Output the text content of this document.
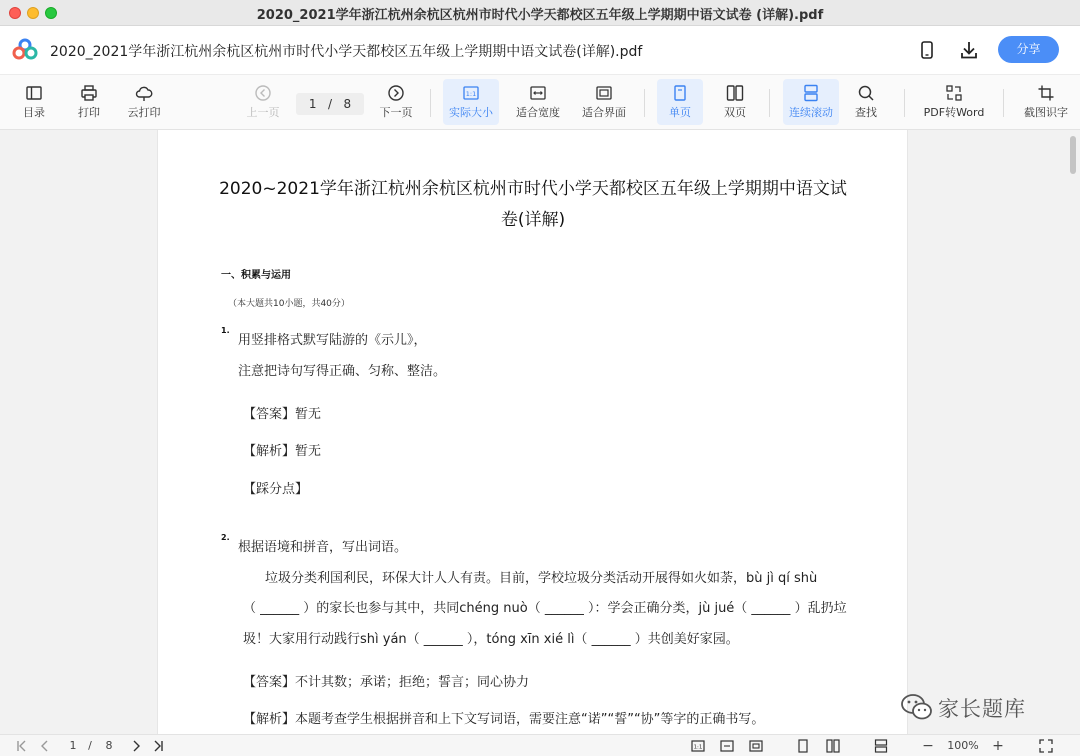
2020_2021学年浙江杭州余杭区杭州市时代小学天都校区五年级上学期期中语文试卷 (详解).pdf
2020_2021学年浙江杭州余杭区杭州市时代小学天都校区五年级上学期期中语文试卷(详解).pdf	分享
目录	打印	云打印	上一页
1 / 8
下一页
1:1
实际大小	适合宽度	适合界面	单页	双页	连续滚动	查找	PDF转Word	截图识字
2020~2021学年浙江杭州余杭区杭州市时代小学天都校区五年级上学期期中语文试卷(详解)
一、积累与运用
（本大题共10小题，共40分）
1.
用竖排格式默写陆游的《示儿》，
注意把诗句写得正确、匀称、整洁。
【答案】暂无
【解析】暂无
【踩分点】
2.
根据语境和拼音，写出词语。
垃圾分类利国利民，环保大计人人有责。目前，学校垃圾分类活动开展得如火如荼，bù jì qí shù
（ ______ ）的家长也参与其中，共同chéng nuò（ ______ ）：学会正确分类，jù jué（ ______ ）乱扔垃
圾！大家用行动践行shì yán（ ______ ），tóng xīn xié lì（ ______ ）共创美好家园。
【答案】不计其数；承诺；拒绝；誓言；同心协力
【解析】本题考查学生根据拼音和上下文写词语，需要注意“诺”“誓”“协”等字的正确书写。	家长题库
1	/	8	1:1	−	100% +
